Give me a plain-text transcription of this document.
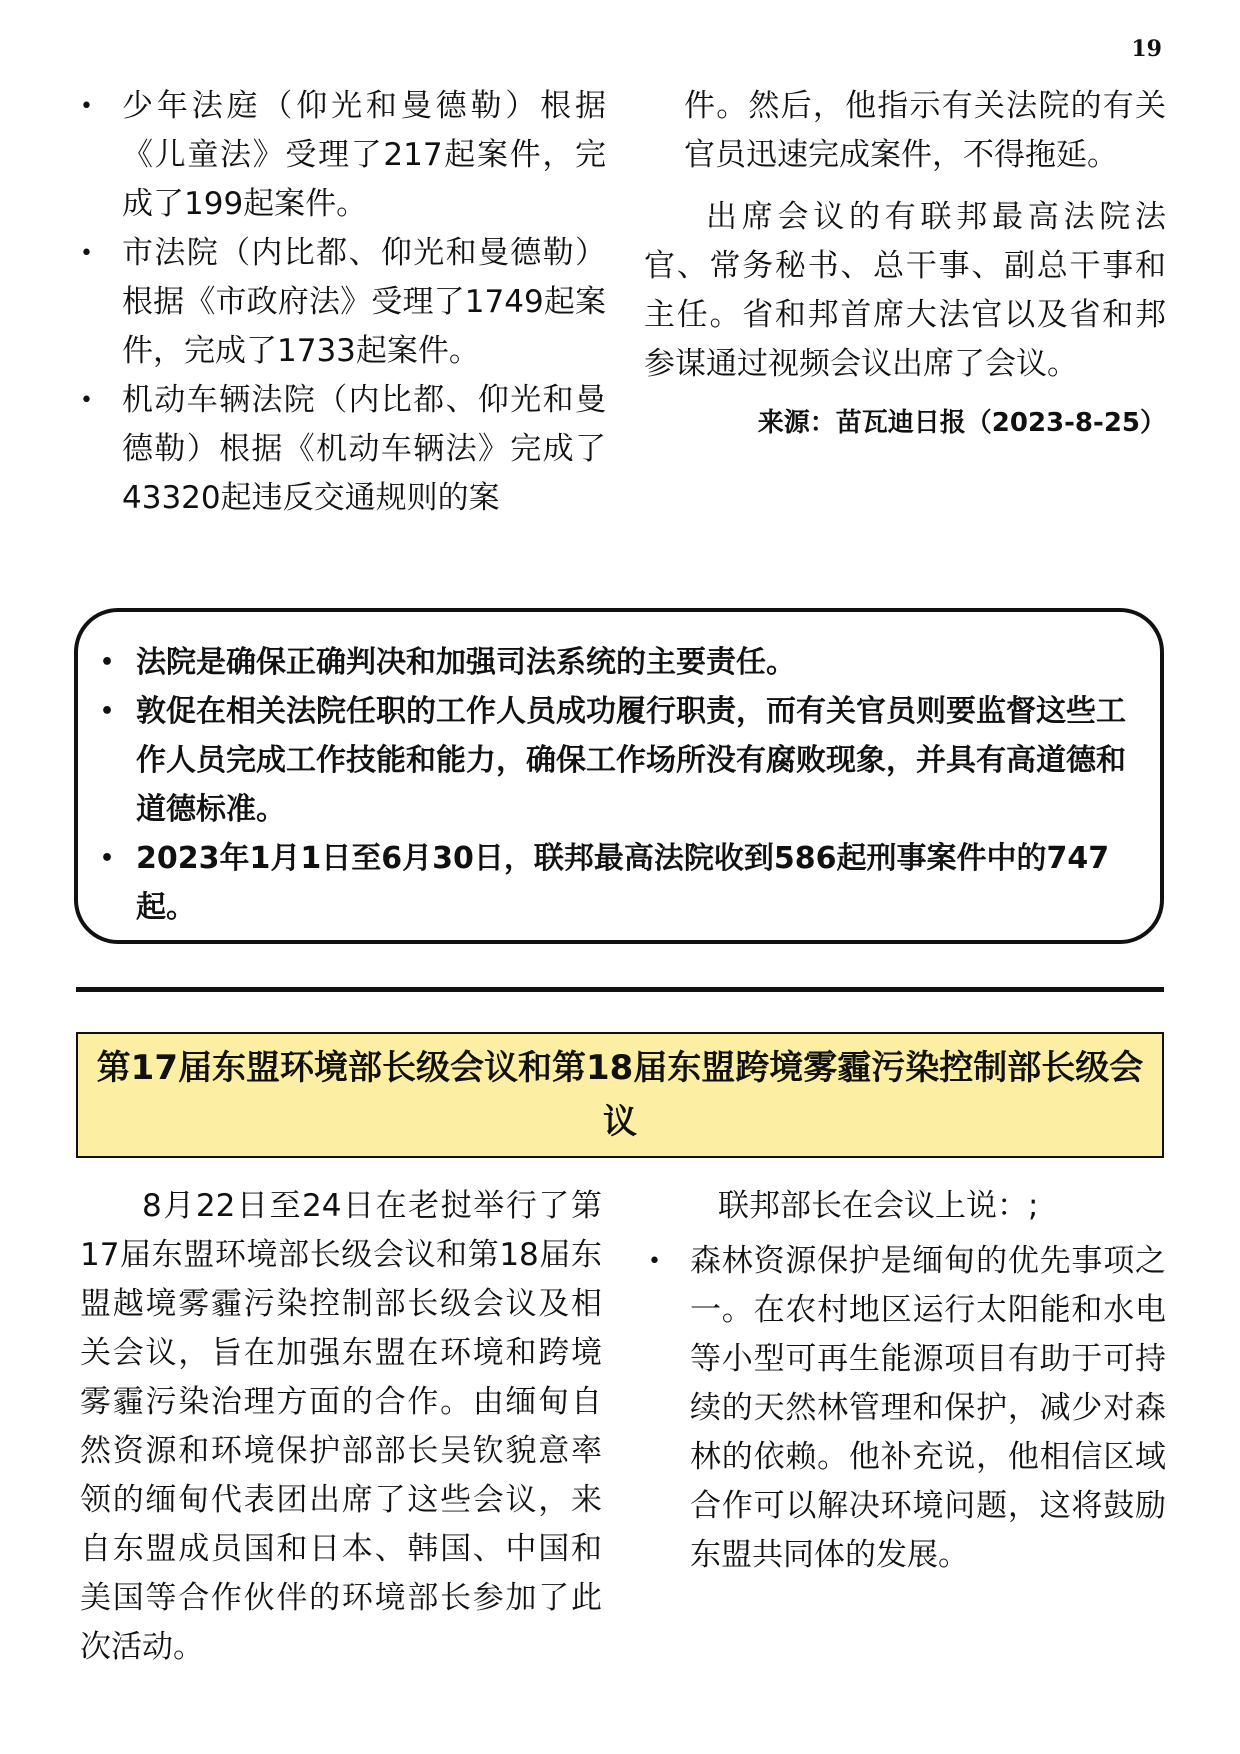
19
• 少年法庭（仰光和曼德勒）根据《儿童法》受理了217起案件，完成了199起案件。
• 市法院（内比都、仰光和曼德勒）根据《市政府法》受理了1749起案件，完成了1733起案件。
• 机动车辆法院（内比都、仰光和曼德勒）根据《机动车辆法》完成了43320起违反交通规则的案

件。然后，他指示有关法院的有关官员迅速完成案件，不得拖延。

出席会议的有联邦最高法院法官、常务秘书、总干事、副总干事和主任。省和邦首席大法官以及省和邦参谋通过视频会议出席了会议。

来源：苗瓦迪日报（2023-8-25）
• 法院是确保正确判决和加强司法系统的主要责任。
• 敦促在相关法院任职的工作人员成功履行职责，而有关官员则要监督这些工作人员完成工作技能和能力，确保工作场所没有腐败现象，并具有高道德和道德标准。
• 2023年1月1日至6月30日，联邦最高法院收到586起刑事案件中的747起。
第17届东盟环境部长级会议和第18届东盟跨境雾霾污染控制部长级会议

8月22日至24日在老挝举行了第17届东盟环境部长级会议和第18届东盟越境雾霾污染控制部长级会议及相关会议，旨在加强东盟在环境和跨境雾霾污染治理方面的合作。由缅甸自然资源和环境保护部部长吴钦貌意率领的缅甸代表团出席了这些会议，来自东盟成员国和日本、韩国、中国和美国等合作伙伴的环境部长参加了此次活动。

联邦部长在会议上说：;

• 森林资源保护是缅甸的优先事项之一。在农村地区运行太阳能和水电等小型可再生能源项目有助于可持续的天然林管理和保护，减少对森林的依赖。他补充说，他相信区域合作可以解决环境问题，这将鼓励东盟共同体的发展。
